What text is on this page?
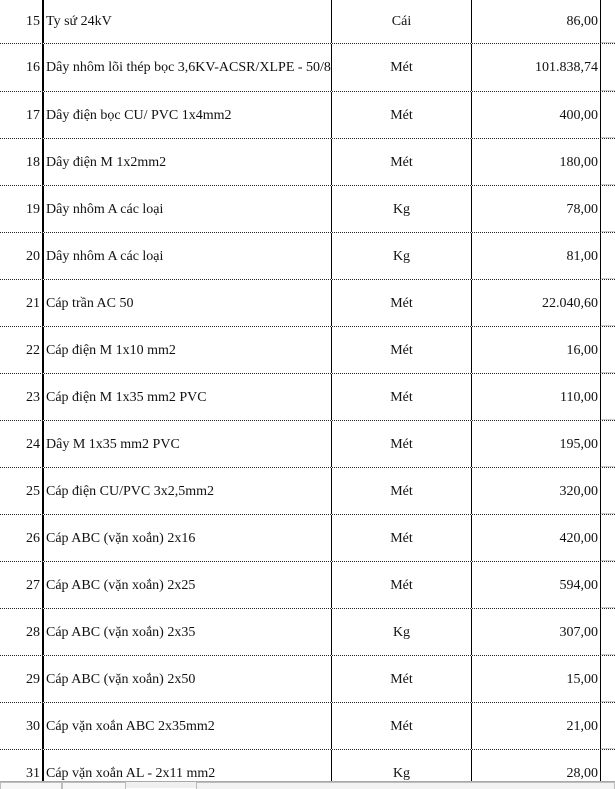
15 Ty sứ 24kV	Cái	86,00
16 Dây nhôm lõi thép bọc 3,6KV-ACSR/XLPE - 50/8	Mét	101.838,74
17 Dây điện bọc CU/ PVC 1x4mm2	Mét	400,00
18 Dây điện M 1x2mm2	Mét	180,00
19 Dây nhôm A các loại	Kg	78,00
20 Dây nhôm A các loại	Kg	81,00
21 Cáp trần AC 50	Mét	22.040,60
22 Cáp điện M 1x10 mm2	Mét	16,00
23 Cáp điện M 1x35 mm2 PVC	Mét	110,00
24 Dây M 1x35 mm2 PVC	Mét	195,00
25 Cáp điện CU/PVC 3x2,5mm2	Mét	320,00
26 Cáp ABC (vặn xoắn) 2x16	Mét	420,00
27 Cáp ABC (vặn xoắn) 2x25	Mét	594,00
28 Cáp ABC (vặn xoắn) 2x35	Kg	307,00
29 Cáp ABC (vặn xoắn) 2x50	Mét	15,00
30 Cáp vặn xoắn ABC 2x35mm2	Mét	21,00
31 Cáp vặn xoắn AL - 2x11 mm2	Kg	28,00
